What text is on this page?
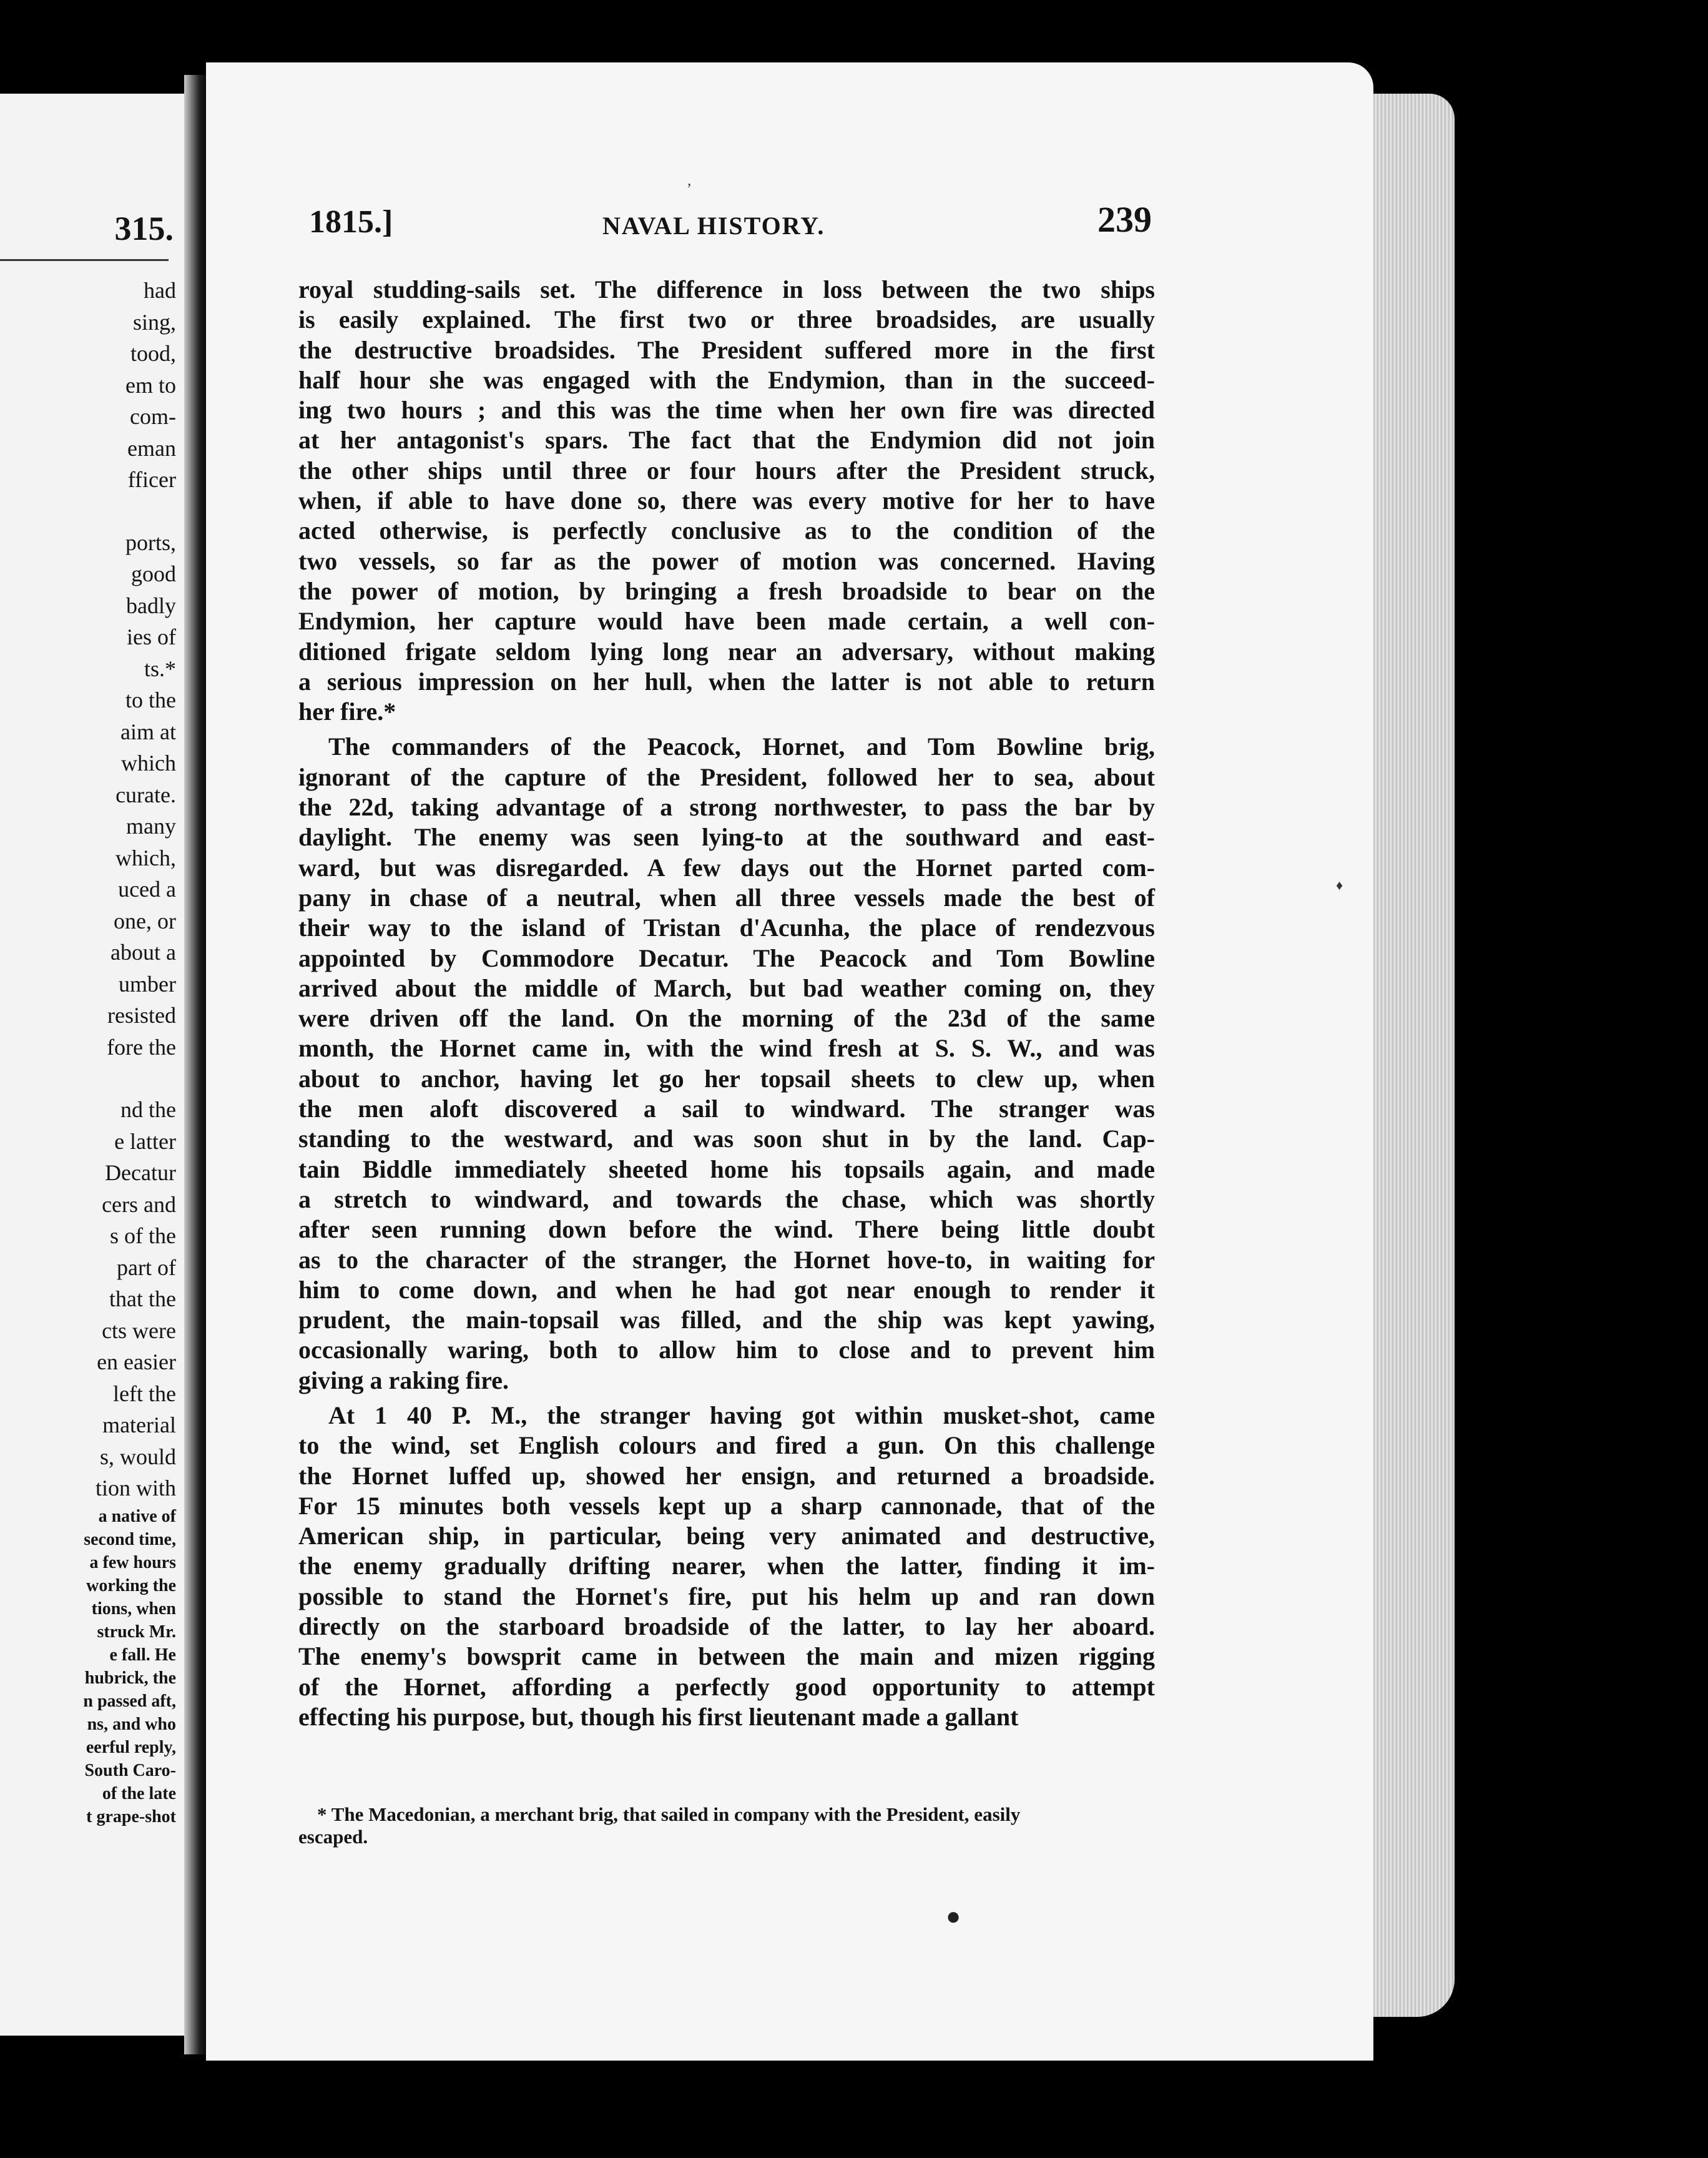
315.
had
sing,
tood,
em to
com-
eman
fficer
ports,
good
badly
ies of
ts.*
to the
aim at
which
curate.
many
which,
uced a
one, or
about a
umber
resisted
fore the
nd the
e latter
Decatur
cers and
s of the
part of
that the
cts were
en easier
left the
material
s, would
tion with
a native of
second time,
a few hours
working the
tions, when
struck Mr.
e fall. He
hubrick, the
n passed aft,
ns, and who
eerful reply,
South Caro-
of the late
t grape-shot
1815.]	NAVAL HISTORY.	239
royal studding-sails set. The difference in loss between the two ships
is easily explained. The first two or three broadsides, are usually
the destructive broadsides. The President suffered more in the first
half hour she was engaged with the Endymion, than in the succeed-
ing two hours ; and this was the time when her own fire was directed
at her antagonist's spars. The fact that the Endymion did not join
the other ships until three or four hours after the President struck,
when, if able to have done so, there was every motive for her to have
acted otherwise, is perfectly conclusive as to the condition of the
two vessels, so far as the power of motion was concerned. Having
the power of motion, by bringing a fresh broadside to bear on the
Endymion, her capture would have been made certain, a well con-
ditioned frigate seldom lying long near an adversary, without making
a serious impression on her hull, when the latter is not able to return
her fire.*
The commanders of the Peacock, Hornet, and Tom Bowline brig,
ignorant of the capture of the President, followed her to sea, about
the 22d, taking advantage of a strong northwester, to pass the bar by
daylight. The enemy was seen lying-to at the southward and east-
ward, but was disregarded. A few days out the Hornet parted com-
pany in chase of a neutral, when all three vessels made the best of
their way to the island of Tristan d'Acunha, the place of rendezvous
appointed by Commodore Decatur. The Peacock and Tom Bowline
arrived about the middle of March, but bad weather coming on, they
were driven off the land. On the morning of the 23d of the same
month, the Hornet came in, with the wind fresh at S. S. W., and was
about to anchor, having let go her topsail sheets to clew up, when
the men aloft discovered a sail to windward. The stranger was
standing to the westward, and was soon shut in by the land. Cap-
tain Biddle immediately sheeted home his topsails again, and made
a stretch to windward, and towards the chase, which was shortly
after seen running down before the wind. There being little doubt
as to the character of the stranger, the Hornet hove-to, in waiting for
him to come down, and when he had got near enough to render it
prudent, the main-topsail was filled, and the ship was kept yawing,
occasionally waring, both to allow him to close and to prevent him
giving a raking fire.
At 1 40 P. M., the stranger having got within musket-shot, came
to the wind, set English colours and fired a gun. On this challenge
the Hornet luffed up, showed her ensign, and returned a broadside.
For 15 minutes both vessels kept up a sharp cannonade, that of the
American ship, in particular, being very animated and destructive,
the enemy gradually drifting nearer, when the latter, finding it im-
possible to stand the Hornet's fire, put his helm up and ran down
directly on the starboard broadside of the latter, to lay her aboard.
The enemy's bowsprit came in between the main and mizen rigging
of the Hornet, affording a perfectly good opportunity to attempt
effecting his purpose, but, though his first lieutenant made a gallant
* The Macedonian, a merchant brig, that sailed in company with the President, easily
escaped.
’
●
♦
